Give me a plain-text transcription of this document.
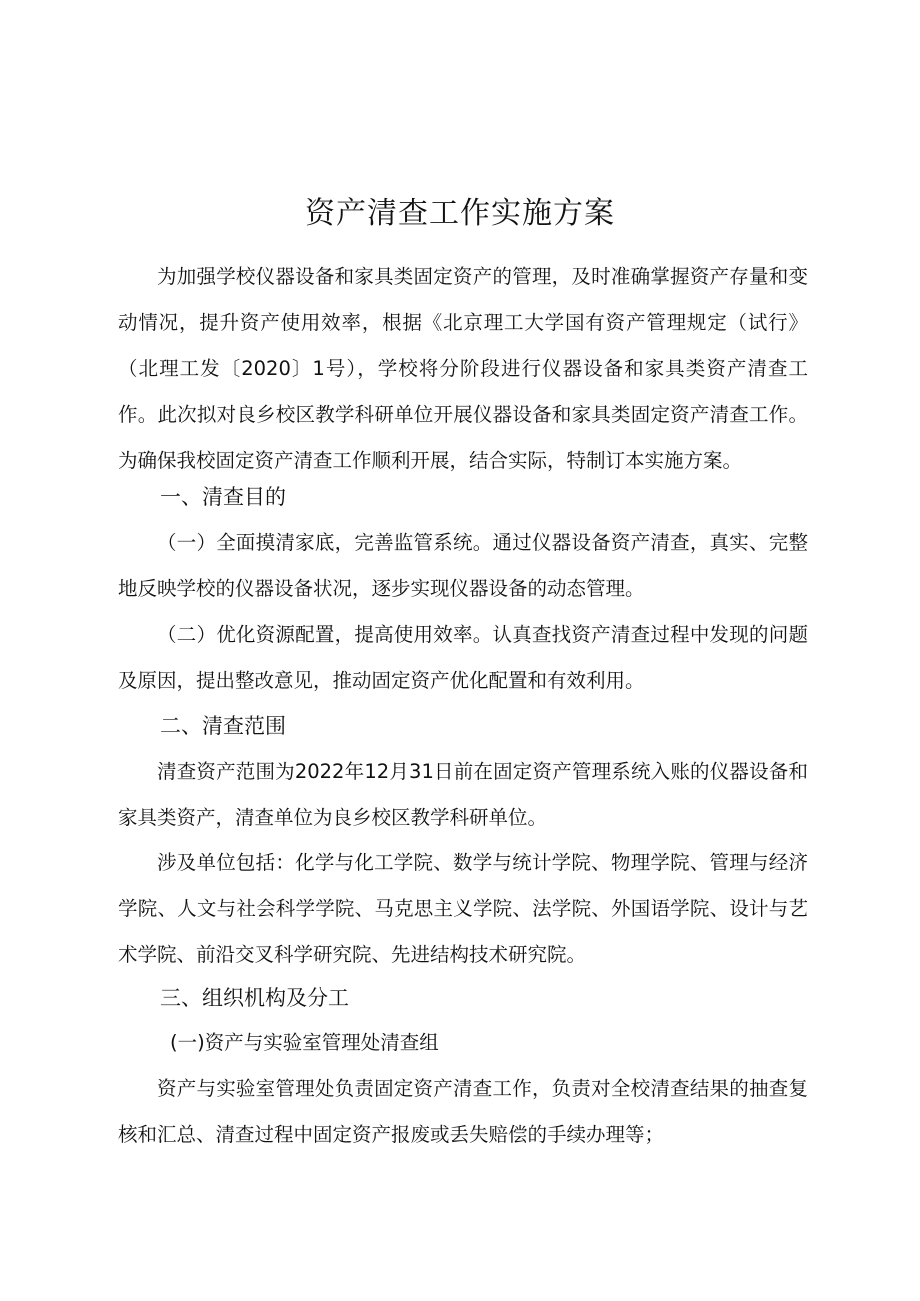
资产清查工作实施方案

为加强学校仪器设备和家具类固定资产的管理，及时准确掌握资产存量和变动情况，提升资产使用效率，根据《北京理工大学国有资产管理规定（试行》（北理工发〔2020〕1号），学校将分阶段进行仪器设备和家具类资产清查工作。此次拟对良乡校区教学科研单位开展仪器设备和家具类固定资产清查工作。为确保我校固定资产清查工作顺利开展，结合实际，特制订本实施方案。

一、清查目的

（一）全面摸清家底，完善监管系统。通过仪器设备资产清查，真实、完整地反映学校的仪器设备状况，逐步实现仪器设备的动态管理。

（二）优化资源配置，提高使用效率。认真查找资产清查过程中发现的问题及原因，提出整改意见，推动固定资产优化配置和有效利用。

二、清查范围

清查资产范围为2022年12月31日前在固定资产管理系统入账的仪器设备和家具类资产，清查单位为良乡校区教学科研单位。

涉及单位包括：化学与化工学院、数学与统计学院、物理学院、管理与经济学院、人文与社会科学学院、马克思主义学院、法学院、外国语学院、设计与艺术学院、前沿交叉科学研究院、先进结构技术研究院。

三、组织机构及分工

(一)资产与实验室管理处清查组

资产与实验室管理处负责固定资产清查工作，负责对全校清查结果的抽查复核和汇总、清查过程中固定资产报废或丢失赔偿的手续办理等；
